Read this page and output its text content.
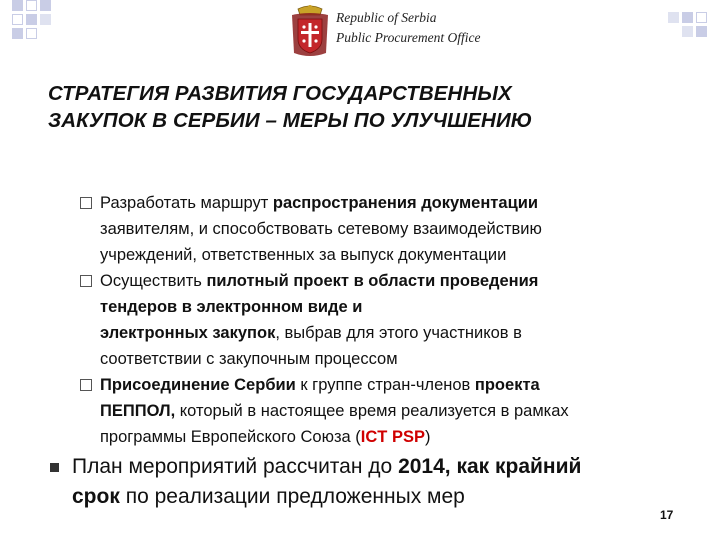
Republic of Serbia
Public Procurement Office
СТРАТЕГИЯ РАЗВИТИЯ ГОСУДАРСТВЕННЫХ
ЗАКУПОК В СЕРБИИ – МЕРЫ ПО УЛУЧШЕНИЮ
Разработать маршрут распространения документации
заявителям, и способствовать сетевому взаимодействию
учреждений, ответственных за выпуск документации
Осуществить пилотный проект в области проведения
тендеров в электронном виде и
электронных закупок, выбрав для этого участников в
соответствии с закупочным процессом
Присоединение Сербии к группе стран-членов проекта
ПЕППОЛ, который в настоящее время реализуется в рамках
программы Европейского Союза (ICT PSP)
План мероприятий рассчитан до 2014, как крайний
срок по реализации предложенных мер
17
